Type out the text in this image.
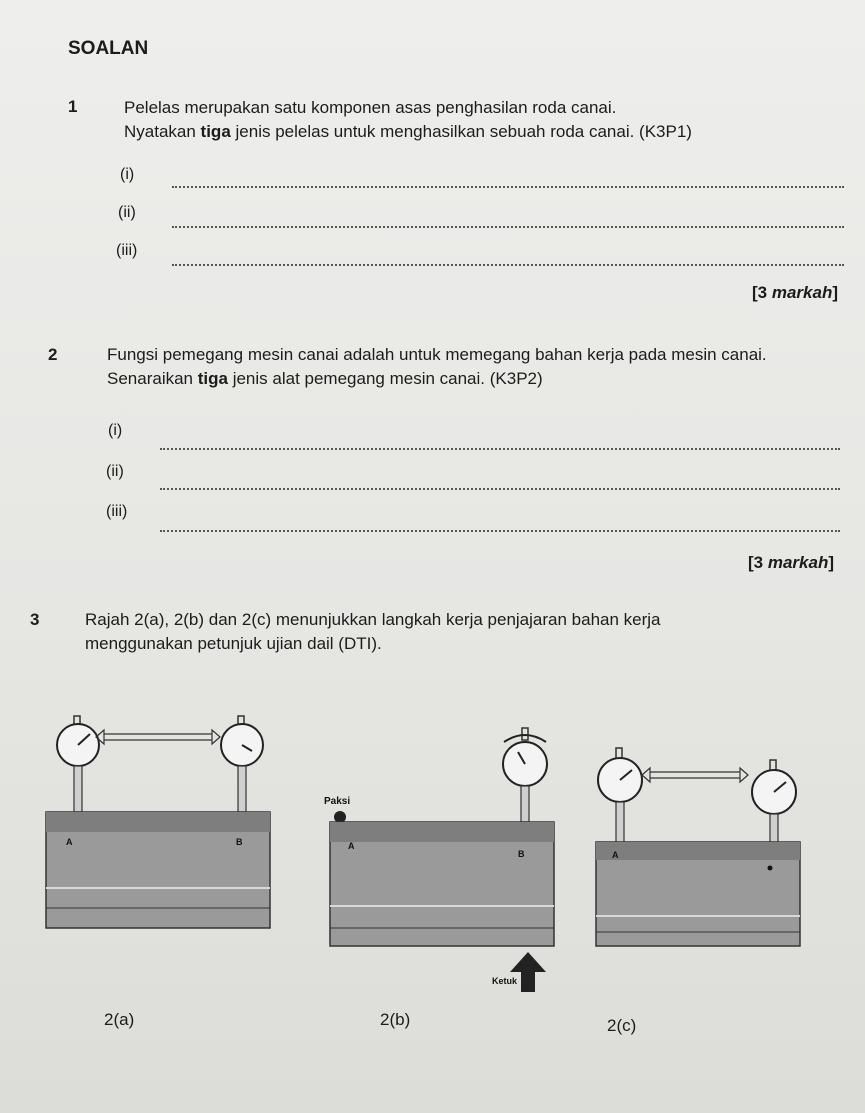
SOALAN
1	Pelelas merupakan satu komponen asas penghasilan roda canai.
Nyatakan tiga jenis pelelas untuk menghasilkan sebuah roda canai. (K3P1)
(i)
(ii)
(iii)
[3 markah]
2	Fungsi pemegang mesin canai adalah untuk memegang bahan kerja pada mesin canai.
Senaraikan tiga jenis alat pemegang mesin canai. (K3P2)
(i)
(ii)
(iii)
[3 markah]
3	Rajah 2(a), 2(b) dan 2(c) menunjukkan langkah kerja penjajaran bahan kerja
menggunakan petunjuk ujian dail (DTI).
A	B
Paksi
A
B
Ketuk
A
2(a)	2(b)	2(c)
